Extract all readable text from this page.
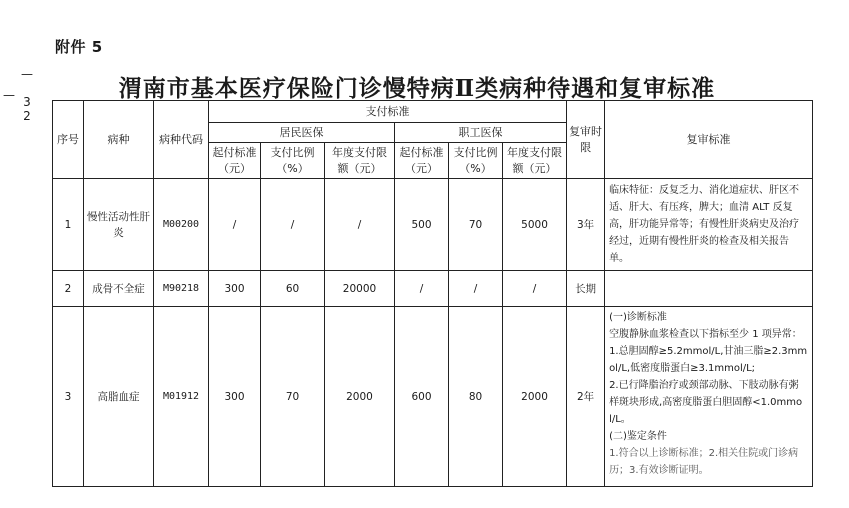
附件 5
— 32 —	渭南市基本医疗保险门诊慢特病Ⅱ类病种待遇和复审标准
序号	病种	病种代码	支付标准						复审时限	复审标准
			居民医保			职工医保				
			起付标准（元）	支付比例（%）	年度支付限额（元）	起付标准（元）	支付比例（%）	年度支付限额（元）		
1	慢性活动性肝炎	M00200	/	/	/	500	70	5000	3年	临床特征：反复乏力、消化道症状、肝区不适、肝大、有压疼，脾大；血清 ALT 反复高，肝功能异常等；有慢性肝炎病史及治疗经过，近期有慢性肝炎的检查及相关报告单。

2	成骨不全症	M90218	300	60	20000	/	/	/	长期	
3	高脂血症	M01912	300	70	2000	600	80	2000	2年	(一)诊断标准
空腹静脉血浆检查以下指标至少 1 项异常：1.总胆固醇≥5.2mmol/L,甘油三脂≥2.3mmol/L,低密度脂蛋白≥3.1mmol/L;
2.已行降脂治疗或颈部动脉、下肢动脉有粥样斑块形成,高密度脂蛋白胆固醇<1.0mmol/L。
(二)鉴定条件
1.符合以上诊断标准；2.相关住院或门诊病历；3.有效诊断证明。
